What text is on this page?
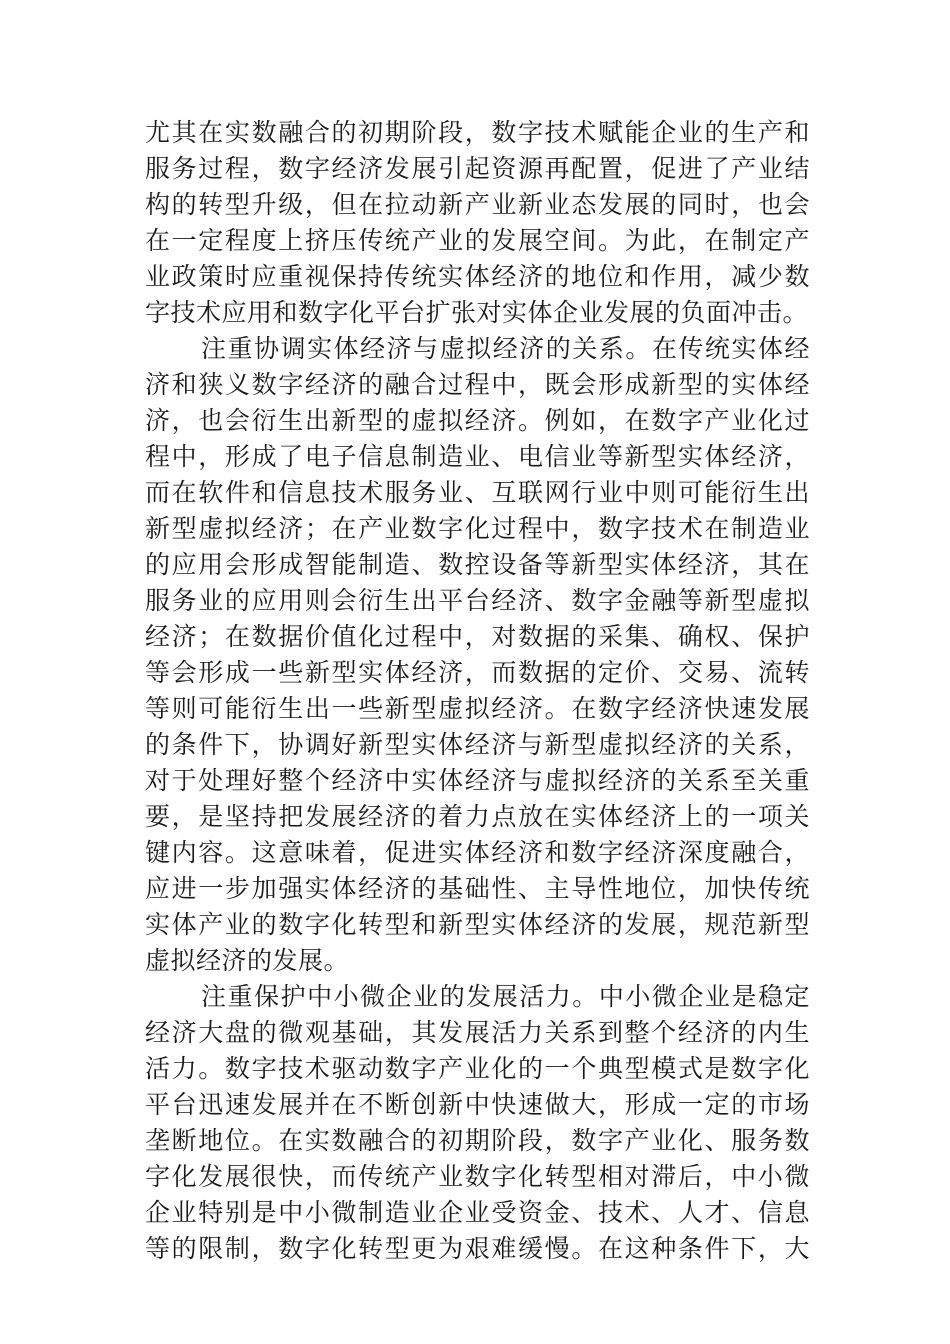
尤其在实数融合的初期阶段，数字技术赋能企业的生产和
服务过程，数字经济发展引起资源再配置，促进了产业结
构的转型升级，但在拉动新产业新业态发展的同时，也会
在一定程度上挤压传统产业的发展空间。为此，在制定产
业政策时应重视保持传统实体经济的地位和作用，减少数
字技术应用和数字化平台扩张对实体企业发展的负面冲击。
注重协调实体经济与虚拟经济的关系。在传统实体经
济和狭义数字经济的融合过程中，既会形成新型的实体经
济，也会衍生出新型的虚拟经济。例如，在数字产业化过
程中，形成了电子信息制造业、电信业等新型实体经济，
而在软件和信息技术服务业、互联网行业中则可能衍生出
新型虚拟经济；在产业数字化过程中，数字技术在制造业
的应用会形成智能制造、数控设备等新型实体经济，其在
服务业的应用则会衍生出平台经济、数字金融等新型虚拟
经济；在数据价值化过程中，对数据的采集、确权、保护
等会形成一些新型实体经济，而数据的定价、交易、流转
等则可能衍生出一些新型虚拟经济。在数字经济快速发展
的条件下，协调好新型实体经济与新型虚拟经济的关系，
对于处理好整个经济中实体经济与虚拟经济的关系至关重
要，是坚持把发展经济的着力点放在实体经济上的一项关
键内容。这意味着，促进实体经济和数字经济深度融合，
应进一步加强实体经济的基础性、主导性地位，加快传统
实体产业的数字化转型和新型实体经济的发展，规范新型
虚拟经济的发展。
注重保护中小微企业的发展活力。中小微企业是稳定
经济大盘的微观基础，其发展活力关系到整个经济的内生
活力。数字技术驱动数字产业化的一个典型模式是数字化
平台迅速发展并在不断创新中快速做大，形成一定的市场
垄断地位。在实数融合的初期阶段，数字产业化、服务数
字化发展很快，而传统产业数字化转型相对滞后，中小微
企业特别是中小微制造业企业受资金、技术、人才、信息
等的限制，数字化转型更为艰难缓慢。在这种条件下，大
